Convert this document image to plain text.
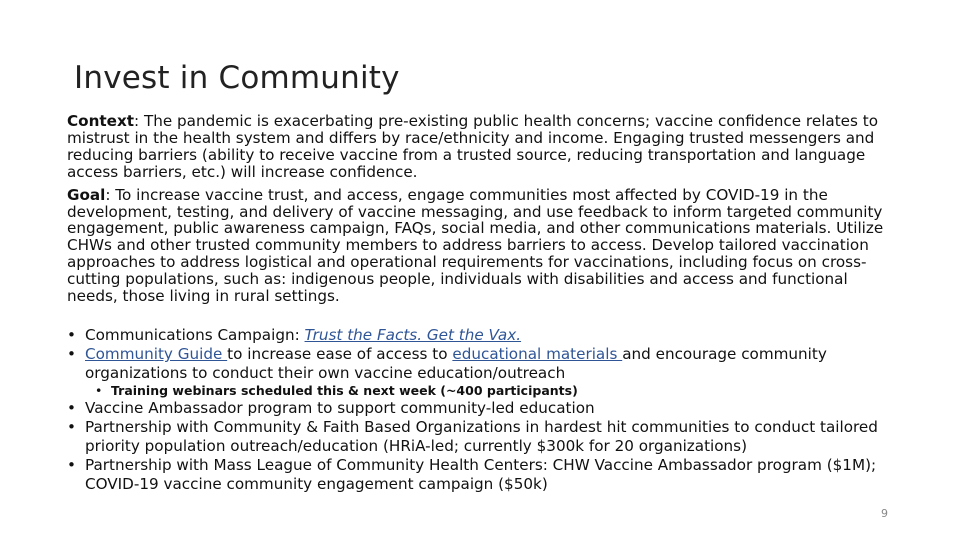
Invest in Community

Context: The pandemic is exacerbating pre-existing public health concerns; vaccine confidence relates to mistrust in the health system and differs by race/ethnicity and income. Engaging trusted messengers and reducing barriers (ability to receive vaccine from a trusted source, reducing transportation and language access barriers, etc.) will increase confidence.

Goal: To increase vaccine trust, and access, engage communities most affected by COVID-19 in the development, testing, and delivery of vaccine messaging, and use feedback to inform targeted community engagement, public awareness campaign, FAQs, social media, and other communications materials. Utilize CHWs and other trusted community members to address barriers to access. Develop tailored vaccination approaches to address logistical and operational requirements for vaccinations, including focus on cross-cutting populations, such as: indigenous people, individuals with disabilities and access and functional needs, those living in rural settings.

• Communications Campaign: Trust the Facts. Get the Vax.
• Community Guide to increase ease of access to educational materials and encourage community organizations to conduct their own vaccine education/outreach
• Training webinars scheduled this & next week (~400 participants)
• Vaccine Ambassador program to support community-led education
• Partnership with Community & Faith Based Organizations in hardest hit communities to conduct tailored priority population outreach/education (HRiA-led; currently $300k for 20 organizations)
• Partnership with Mass League of Community Health Centers: CHW Vaccine Ambassador program ($1M); COVID-19 vaccine community engagement campaign ($50k)
9
